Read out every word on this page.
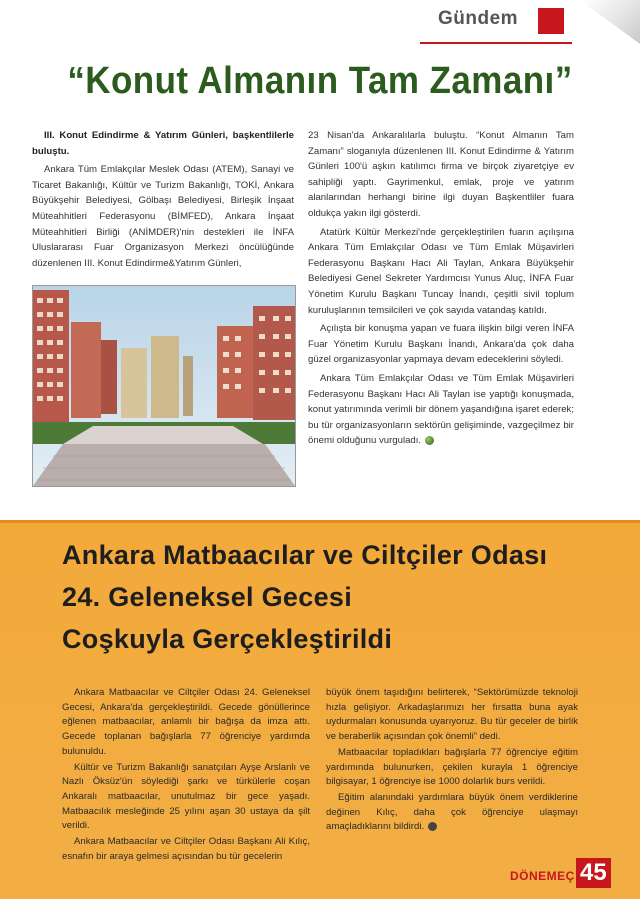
Gündem
“Konut Almanın Tam Zamanı”

III. Konut Edindirme & Yatırım Günleri, başkentlilerle buluştu.

Ankara Tüm Emlakçılar Meslek Odası (ATEM), Sanayi ve Ticaret Bakanlığı, Kültür ve Turizm Bakanlığı, TOKİ, Ankara Büyükşehir Belediyesi, Gölbaşı Belediyesi, Birleşik İnşaat Müteahhitleri Federasyonu (BİMFED), Ankara İnşaat Müteahhitleri Birliği (ANİMDER)'nin destekleri ile İNFA Uluslararası Fuar Organizasyon Merkezi öncülüğünde düzenlenen III. Konut Edindirme&Yatırım Günleri,

23 Nisan'da Ankaralılarla buluştu. “Konut Almanın Tam Zamanı” sloganıyla düzenlenen III. Konut Edindirme & Yatırım Günleri 100'ü aşkın katılımcı firma ve birçok ziyaretçiye ev sahipliği yaptı. Gayrimenkul, emlak, proje ve yatırım alanlarından herhangi birine ilgi duyan Başkentliler fuara oldukça yakın ilgi gösterdi.

Atatürk Kültür Merkezi'nde gerçekleştirilen fuarın açılışına Ankara Tüm Emlakçılar Odası ve Tüm Emlak Müşavirleri Federasyonu Başkanı Hacı Ali Taylan, Ankara Büyükşehir Belediyesi Genel Sekreter Yardımcısı Yunus Aluç, İNFA Fuar Yönetim Kurulu Başkanı Tuncay İnandı, çeşitli sivil toplum kuruluşlarının temsilcileri ve çok sayıda vatandaş katıldı.

Açılışta bir konuşma yapan ve fuara ilişkin bilgi veren İNFA Fuar Yönetim Kurulu Başkanı İnandı, Ankara'da çok daha güzel organizasyonlar yapmaya devam edeceklerini söyledi.

Ankara Tüm Emlakçılar Odası ve Tüm Emlak Müşavirleri Federasyonu Başkanı Hacı Ali Taylan ise yaptığı konuşmada, konut yatırımında verimli bir dönem yaşandığına işaret ederek; bu tür organizasyonların sektörün gelişiminde, vazgeçilmez bir önemi olduğunu vurguladı.

Ankara Matbaacılar ve Ciltçiler Odası
24. Geleneksel Gecesi
Coşkuyla Gerçekleştirildi

Ankara Matbaacılar ve Ciltçiler Odası 24. Geleneksel Gecesi, Ankara'da gerçekleştirildi. Gecede gönüllerince eğlenen matbaacılar, anlamlı bir bağışa da imza attı. Gecede toplanan bağışlarla 77 öğrenciye yardımda bulunuldu.

Kültür ve Turizm Bakanlığı sanatçıları Ayşe Arslanlı ve Nazlı Öksüz'ün söylediği şarkı ve türkülerle coşan Ankaralı matbaacılar, unutulmaz bir gece yaşadı. Matbaacılık mesleğinde 25 yılını aşan 30 ustaya da şilt verildi.

Ankara Matbaacılar ve Ciltçiler Odası Başkanı Ali Kılıç, esnafın bir araya gelmesi açısından bu tür gecelerin

büyük önem taşıdığını belirterek, “Sektörümüzde teknoloji hızla gelişiyor. Arkadaşlarımızı her fırsatta buna ayak uydurmaları konusunda uyarıyoruz. Bu tür geceler de birlik ve beraberlik açısından çok önemli” dedi.

Matbaacılar topladıkları bağışlarla 77 öğrenciye eğitim yardımında bulunurken, çekilen kurayla 1 öğrenciye bilgisayar, 1 öğrenciye ise 1000 dolarlık burs verildi.

Eğitim alanındaki yardımlara büyük önem verdiklerine değinen Kılıç, daha çok öğrenciye ulaşmayı amaçladıklarını bildirdi.

DÖNEMEÇ 45
